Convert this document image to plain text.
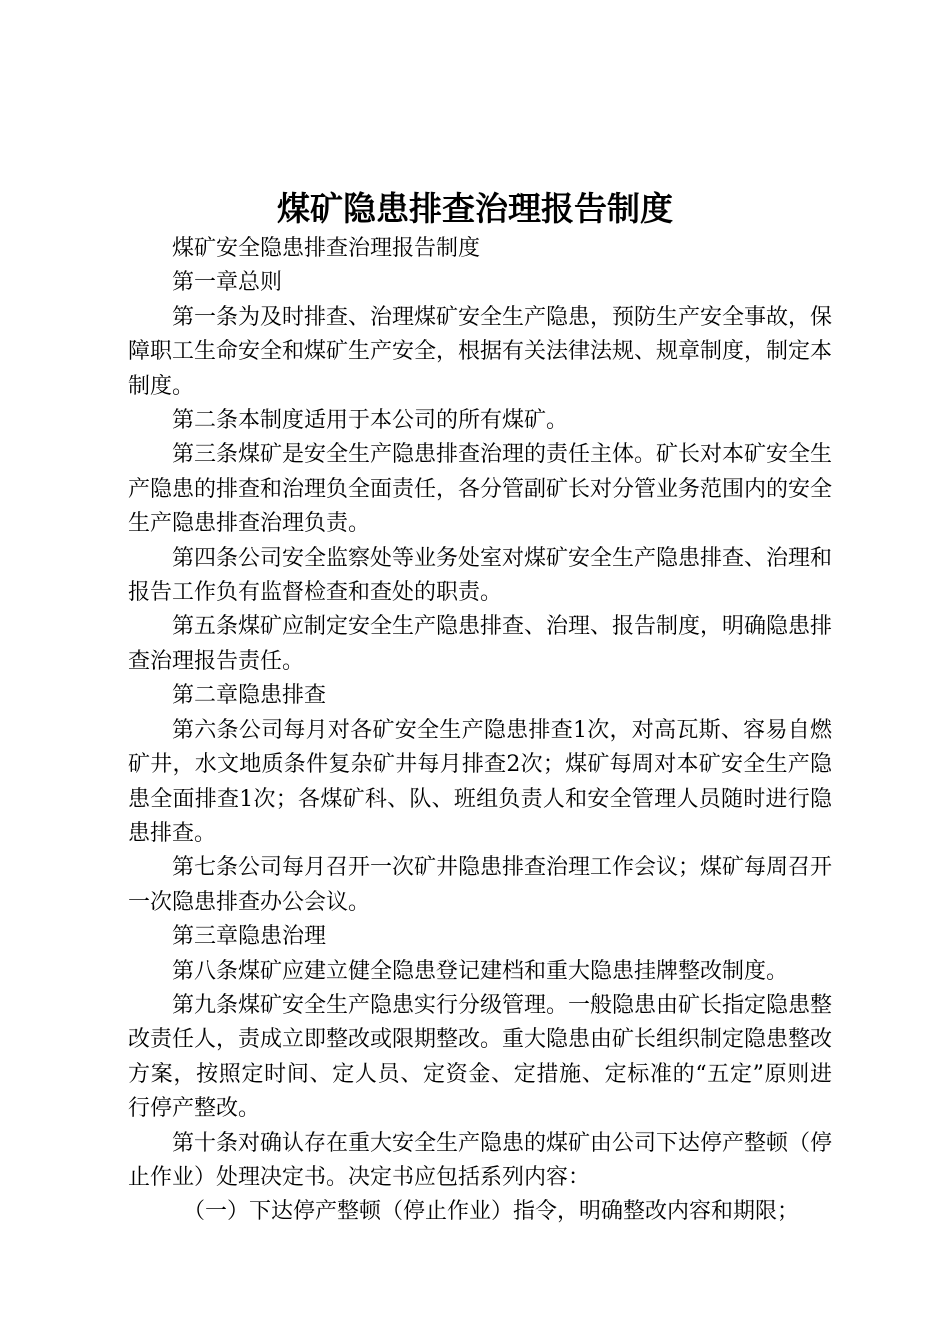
煤矿隐患排查治理报告制度

煤矿安全隐患排查治理报告制度

第一章总则

第一条为及时排查、治理煤矿安全生产隐患，预防生产安全事故，保障职工生命安全和煤矿生产安全，根据有关法律法规、规章制度，制定本制度。

第二条本制度适用于本公司的所有煤矿。

第三条煤矿是安全生产隐患排查治理的责任主体。矿长对本矿安全生产隐患的排查和治理负全面责任，各分管副矿长对分管业务范围内的安全生产隐患排查治理负责。

第四条公司安全监察处等业务处室对煤矿安全生产隐患排查、治理和报告工作负有监督检查和查处的职责。

第五条煤矿应制定安全生产隐患排查、治理、报告制度，明确隐患排查治理报告责任。

第二章隐患排查

第六条公司每月对各矿安全生产隐患排查1次，对高瓦斯、容易自燃矿井，水文地质条件复杂矿井每月排查2次；煤矿每周对本矿安全生产隐患全面排查1次；各煤矿科、队、班组负责人和安全管理人员随时进行隐患排查。

第七条公司每月召开一次矿井隐患排查治理工作会议；煤矿每周召开一次隐患排查办公会议。

第三章隐患治理

第八条煤矿应建立健全隐患登记建档和重大隐患挂牌整改制度。

第九条煤矿安全生产隐患实行分级管理。一般隐患由矿长指定隐患整改责任人，责成立即整改或限期整改。重大隐患由矿长组织制定隐患整改方案，按照定时间、定人员、定资金、定措施、定标准的“五定”原则进行停产整改。

第十条对确认存在重大安全生产隐患的煤矿由公司下达停产整顿（停止作业）处理决定书。决定书应包括系列内容：

（一）下达停产整顿（停止作业）指令，明确整改内容和期限；
